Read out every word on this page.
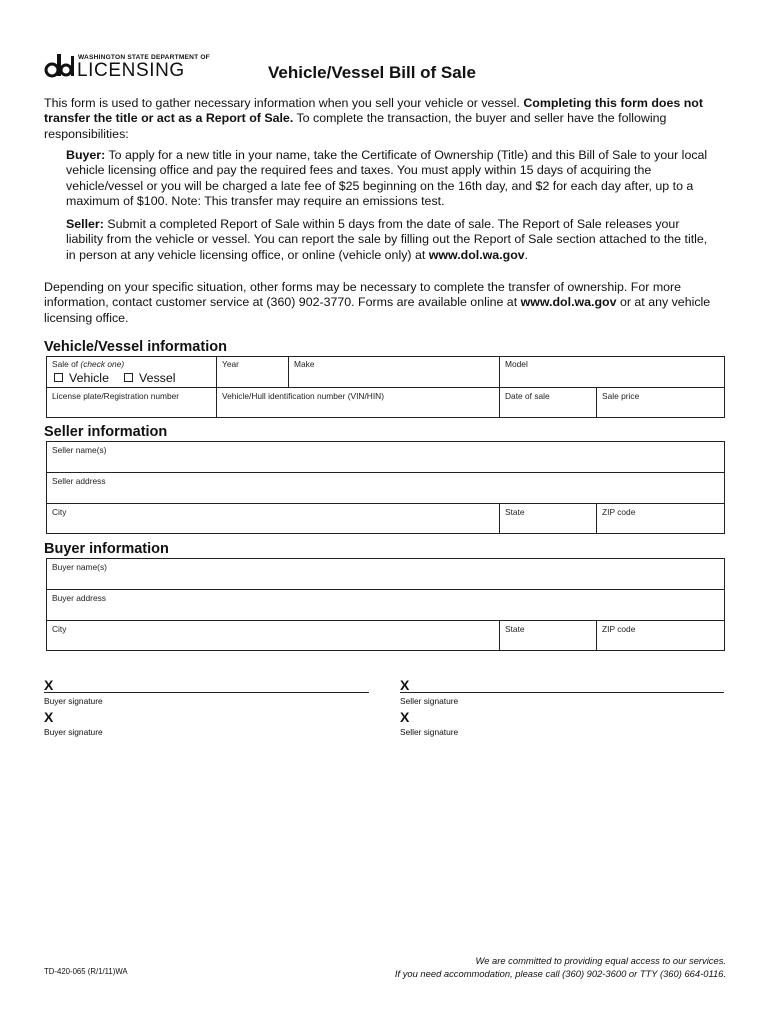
WASHINGTON STATE DEPARTMENT OF
LICENSING	Vehicle/Vessel Bill of Sale
This form is used to gather necessary information when you sell your vehicle or vessel. Completing this form does not transfer the title or act as a Report of Sale. To complete the transaction, the buyer and seller have the following responsibilities:
Buyer: To apply for a new title in your name, take the Certificate of Ownership (Title) and this Bill of Sale to your local vehicle licensing office and pay the required fees and taxes. You must apply within 15 days of acquiring the vehicle/vessel or you will be charged a late fee of $25 beginning on the 16th day, and $2 for each day after, up to a maximum of $100. Note: This transfer may require an emissions test.
Seller: Submit a completed Report of Sale within 5 days from the date of sale. The Report of Sale releases your liability from the vehicle or vessel. You can report the sale by filling out the Report of Sale section attached to the title, in person at any vehicle licensing office, or online (vehicle only) at www.dol.wa.gov.
Depending on your specific situation, other forms may be necessary to complete the transfer of ownership. For more information, contact customer service at (360) 902-3770. Forms are available online at www.dol.wa.gov or at any vehicle licensing office.
Vehicle/Vessel information
Sale of (check one)
Vehicle Vessel
Year	Make	Model
License plate/Registration number	Vehicle/Hull identification number (VIN/HIN)	Date of sale	Sale price
Seller information
Seller name(s)
Seller address
City	State	ZIP code
Buyer information
Buyer name(s)
Buyer address
City	State	ZIP code
X
Buyer signature
X
Seller signature
X
Buyer signature
X
Seller signature
TD-420-065 (R/1/11)WA
We are committed to providing equal access to our services.
If you need accommodation, please call (360) 902-3600 or TTY (360) 664-0116.
